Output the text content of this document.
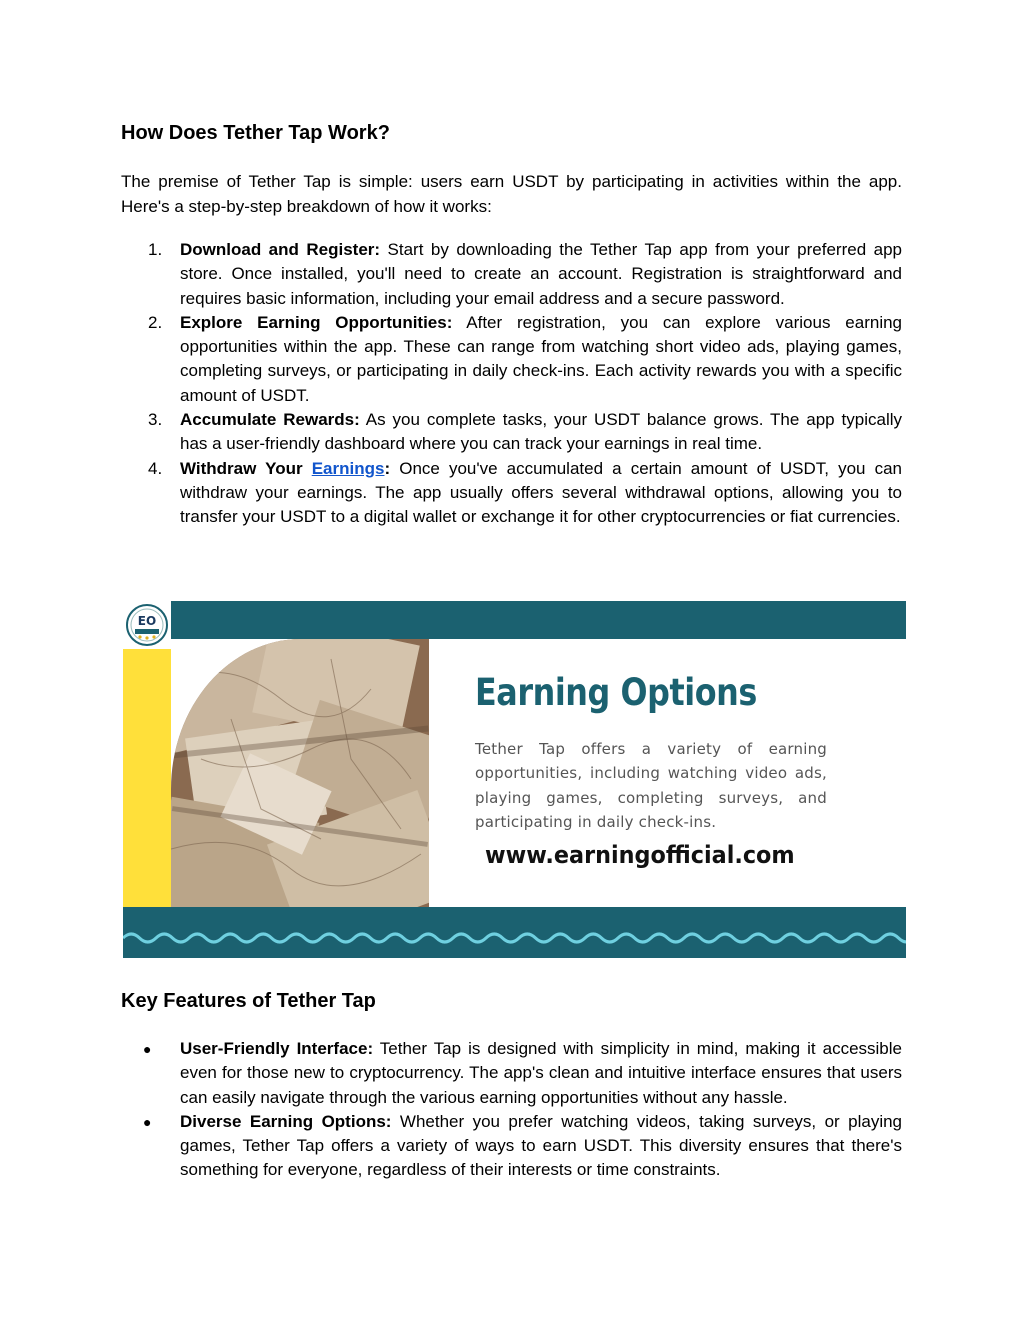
How Does Tether Tap Work?

The premise of Tether Tap is simple: users earn USDT by participating in activities within the app. Here's a step-by-step breakdown of how it works:

1.	Download and Register: Start by downloading the Tether Tap app from your preferred app store. Once installed, you'll need to create an account. Registration is straightforward and requires basic information, including your email address and a secure password.
2.	Explore Earning Opportunities: After registration, you can explore various earning opportunities within the app. These can range from watching short video ads, playing games, completing surveys, or participating in daily check-ins. Each activity rewards you with a specific amount of USDT.
3.	Accumulate Rewards: As you complete tasks, your USDT balance grows. The app typically has a user-friendly dashboard where you can track your earnings in real time.
4.	Withdraw Your Earnings: Once you've accumulated a certain amount of USDT, you can withdraw your earnings. The app usually offers several withdrawal options, allowing you to transfer your USDT to a digital wallet or exchange it for other cryptocurrencies or fiat currencies.
EO
Earning Options
Tether Tap offers a variety of earning opportunities, including watching video ads, playing games, completing surveys, and participating in daily check-ins.
www.earningofficial.com
Key Features of Tether Tap
●	User-Friendly Interface: Tether Tap is designed with simplicity in mind, making it accessible even for those new to cryptocurrency. The app's clean and intuitive interface ensures that users can easily navigate through the various earning opportunities without any hassle.
●	Diverse Earning Options: Whether you prefer watching videos, taking surveys, or playing games, Tether Tap offers a variety of ways to earn USDT. This diversity ensures that there's something for everyone, regardless of their interests or time constraints.
